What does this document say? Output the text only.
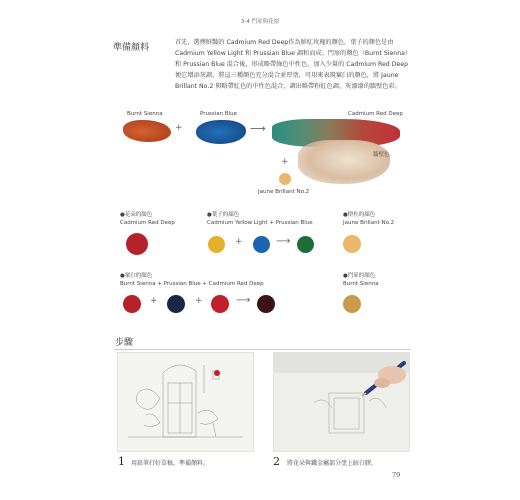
3-4 門扉與花窗
準備顏料
首先，選擇鮮豔的 Cadmium Red Deep作為鮮紅玫瑰的顏色，葉子的顏色是由 Cadmium Yellow Light 和 Prussian Blue 調和而成。門扉的顏色（Burnt Sienna）和 Prussian Blue 混合後，形成略帶綠色中性色，加入少量的 Cadmium Red Deep 便它增添灰調，將這三種顏色充分混合並厚塗，可用來表現窠臼的顏色，將 Jaune Brillant No.2 與略帶紅色的中性色混合，調出略帶粉紅色調、灰濛濛的牆壁色彩。
Burnt Sienna
+
Prussian Blue
⟶
Cadmium Red Deep
牆壁色
+
Jaune Brillant No.2
●花朵的顏色
Cadmium Red Deep
●葉子的顏色
Cadmium Yellow Light + Prussian Blue
+	⟶
●燈柱的顏色
Jaune Brillant No.2
●窠臼的顏色
Burnt Sienna + Prussian Blue + Cadmium Red Deep
+	+	⟶
●門扉的顏色
Burnt Sienna
步驟
1 用鉛筆打好草稿，準備顏料。	2 將花朵與鐵金屬部分塗上暗白膠。
79
